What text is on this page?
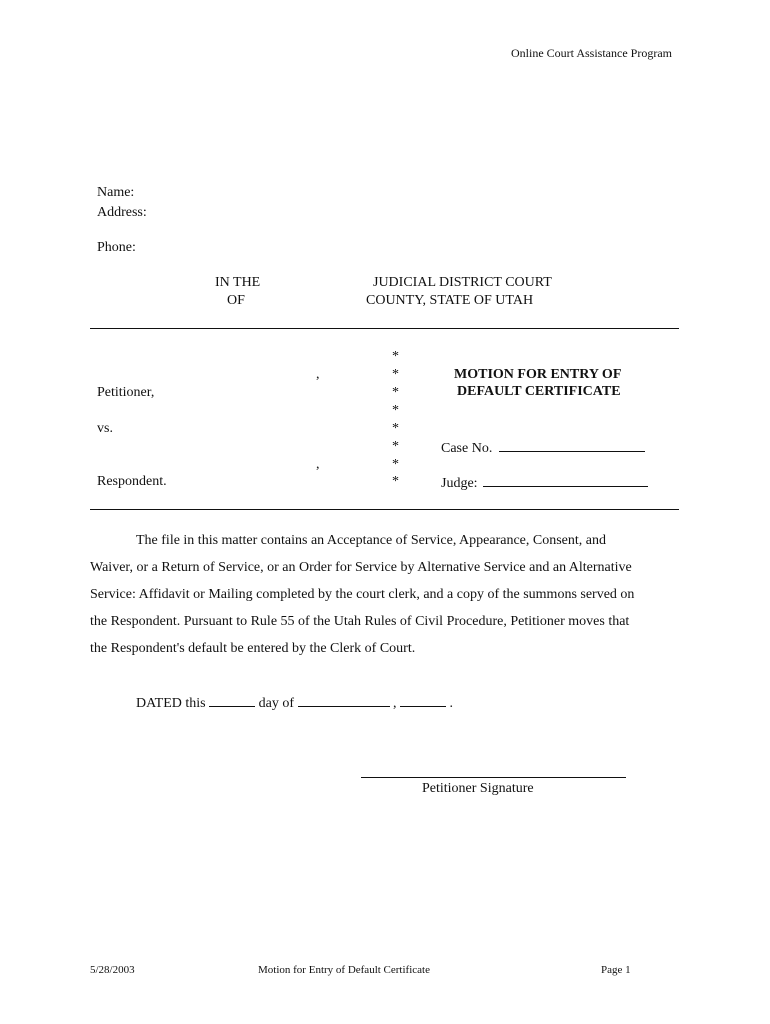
Online Court Assistance Program
Name:
Address:
Phone:
IN THE	JUDICIAL DISTRICT COURT
OF	COUNTY, STATE OF UTAH
,
Petitioner,
vs.
,
Respondent.
*
*
*
*
*
*
*
*
MOTION FOR ENTRY OF
DEFAULT CERTIFICATE
Case No.
Judge:

The file in this matter contains an Acceptance of Service, Appearance, Consent, and

Waiver, or a Return of Service, or an Order for Service by Alternative Service and an Alternative

Service: Affidavit or Mailing completed by the court clerk, and a copy of the summons served on

the Respondent. Pursuant to Rule 55 of the Utah Rules of Civil Procedure, Petitioner moves that

the Respondent's default be entered by the Clerk of Court.

DATED this	day of	,	.
Petitioner Signature
5/28/2003	Motion for Entry of Default Certificate	Page 1
